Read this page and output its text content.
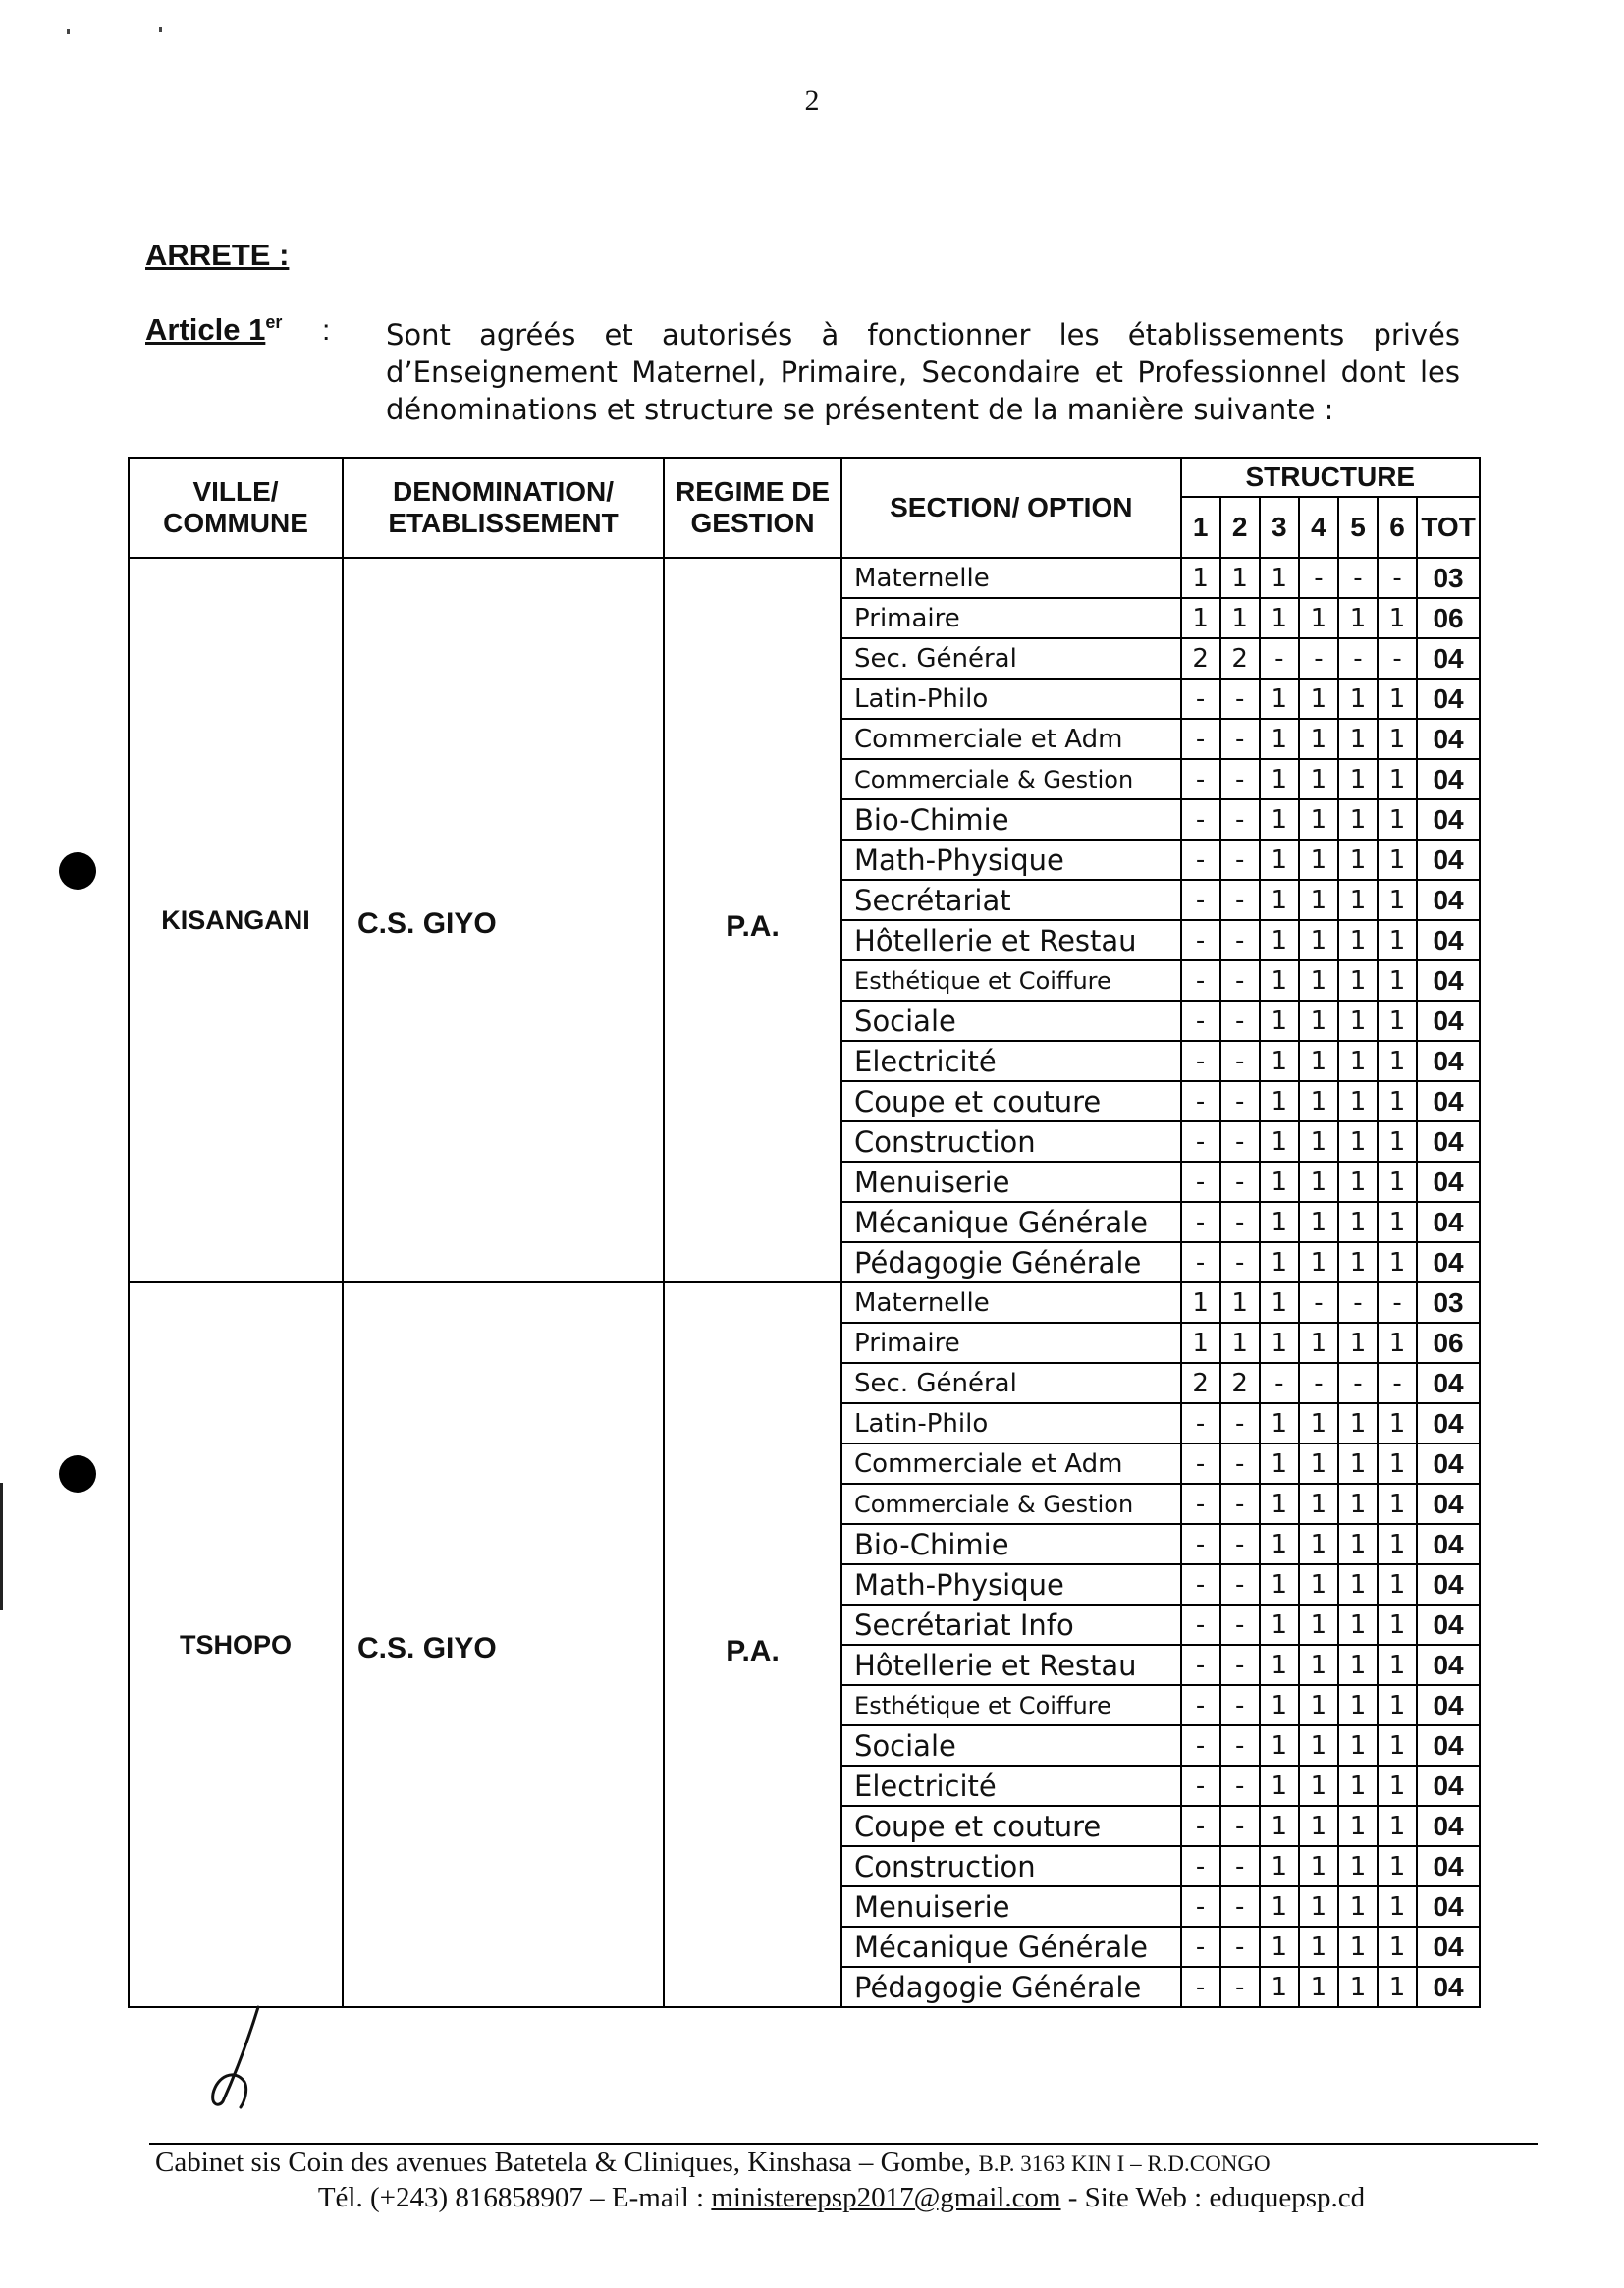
2
ARRETE :
Article 1er : Sont agréés et autorisés à fonctionner les établissements privés d’Enseignement Maternel, Primaire, Secondaire et Professionnel dont les dénominations et structure se présentent de la manière suivante :
VILLE/ COMMUNE	DENOMINATION/ ETABLISSEMENT	REGIME DE GESTION	SECTION/ OPTION	STRUCTURE						
				1	2	3	4	5	6	TOT
KISANGANI	C.S. GIYO	P.A.	Maternelle	1	1	1	-	-	-	03
			Primaire	1	1	1	1	1	1	06
			Sec. Général	2	2	-	-	-	-	04
			Latin-Philo	-	-	1	1	1	1	04
			Commerciale et Adm	-	-	1	1	1	1	04
			Commerciale & Gestion	-	-	1	1	1	1	04
			Bio-Chimie	-	-	1	1	1	1	04
			Math-Physique	-	-	1	1	1	1	04
			Secrétariat	-	-	1	1	1	1	04
			Hôtellerie et Restau	-	-	1	1	1	1	04
			Esthétique et Coiffure	-	-	1	1	1	1	04
			Sociale	-	-	1	1	1	1	04
			Electricité	-	-	1	1	1	1	04
			Coupe et couture	-	-	1	1	1	1	04
			Construction	-	-	1	1	1	1	04
			Menuiserie	-	-	1	1	1	1	04
			Mécanique Générale	-	-	1	1	1	1	04
			Pédagogie Générale	-	-	1	1	1	1	04
TSHOPO	C.S. GIYO	P.A.	Maternelle	1	1	1	-	-	-	03
			Primaire	1	1	1	1	1	1	06
			Sec. Général	2	2	-	-	-	-	04
			Latin-Philo	-	-	1	1	1	1	04
			Commerciale et Adm	-	-	1	1	1	1	04
			Commerciale & Gestion	-	-	1	1	1	1	04
			Bio-Chimie	-	-	1	1	1	1	04
			Math-Physique	-	-	1	1	1	1	04
			Secrétariat Info	-	-	1	1	1	1	04
			Hôtellerie et Restau	-	-	1	1	1	1	04
			Esthétique et Coiffure	-	-	1	1	1	1	04
			Sociale	-	-	1	1	1	1	04
			Electricité	-	-	1	1	1	1	04
			Coupe et couture	-	-	1	1	1	1	04
			Construction	-	-	1	1	1	1	04
			Menuiserie	-	-	1	1	1	1	04
			Mécanique Générale	-	-	1	1	1	1	04
			Pédagogie Générale	-	-	1	1	1	1	04
Cabinet sis Coin des avenues Batetela & Cliniques, Kinshasa – Gombe, B.P. 3163 KIN I – R.D.CONGO
Tél. (+243) 816858907 – E-mail : ministerepsp2017@gmail.com - Site Web : eduquepsp.cd
